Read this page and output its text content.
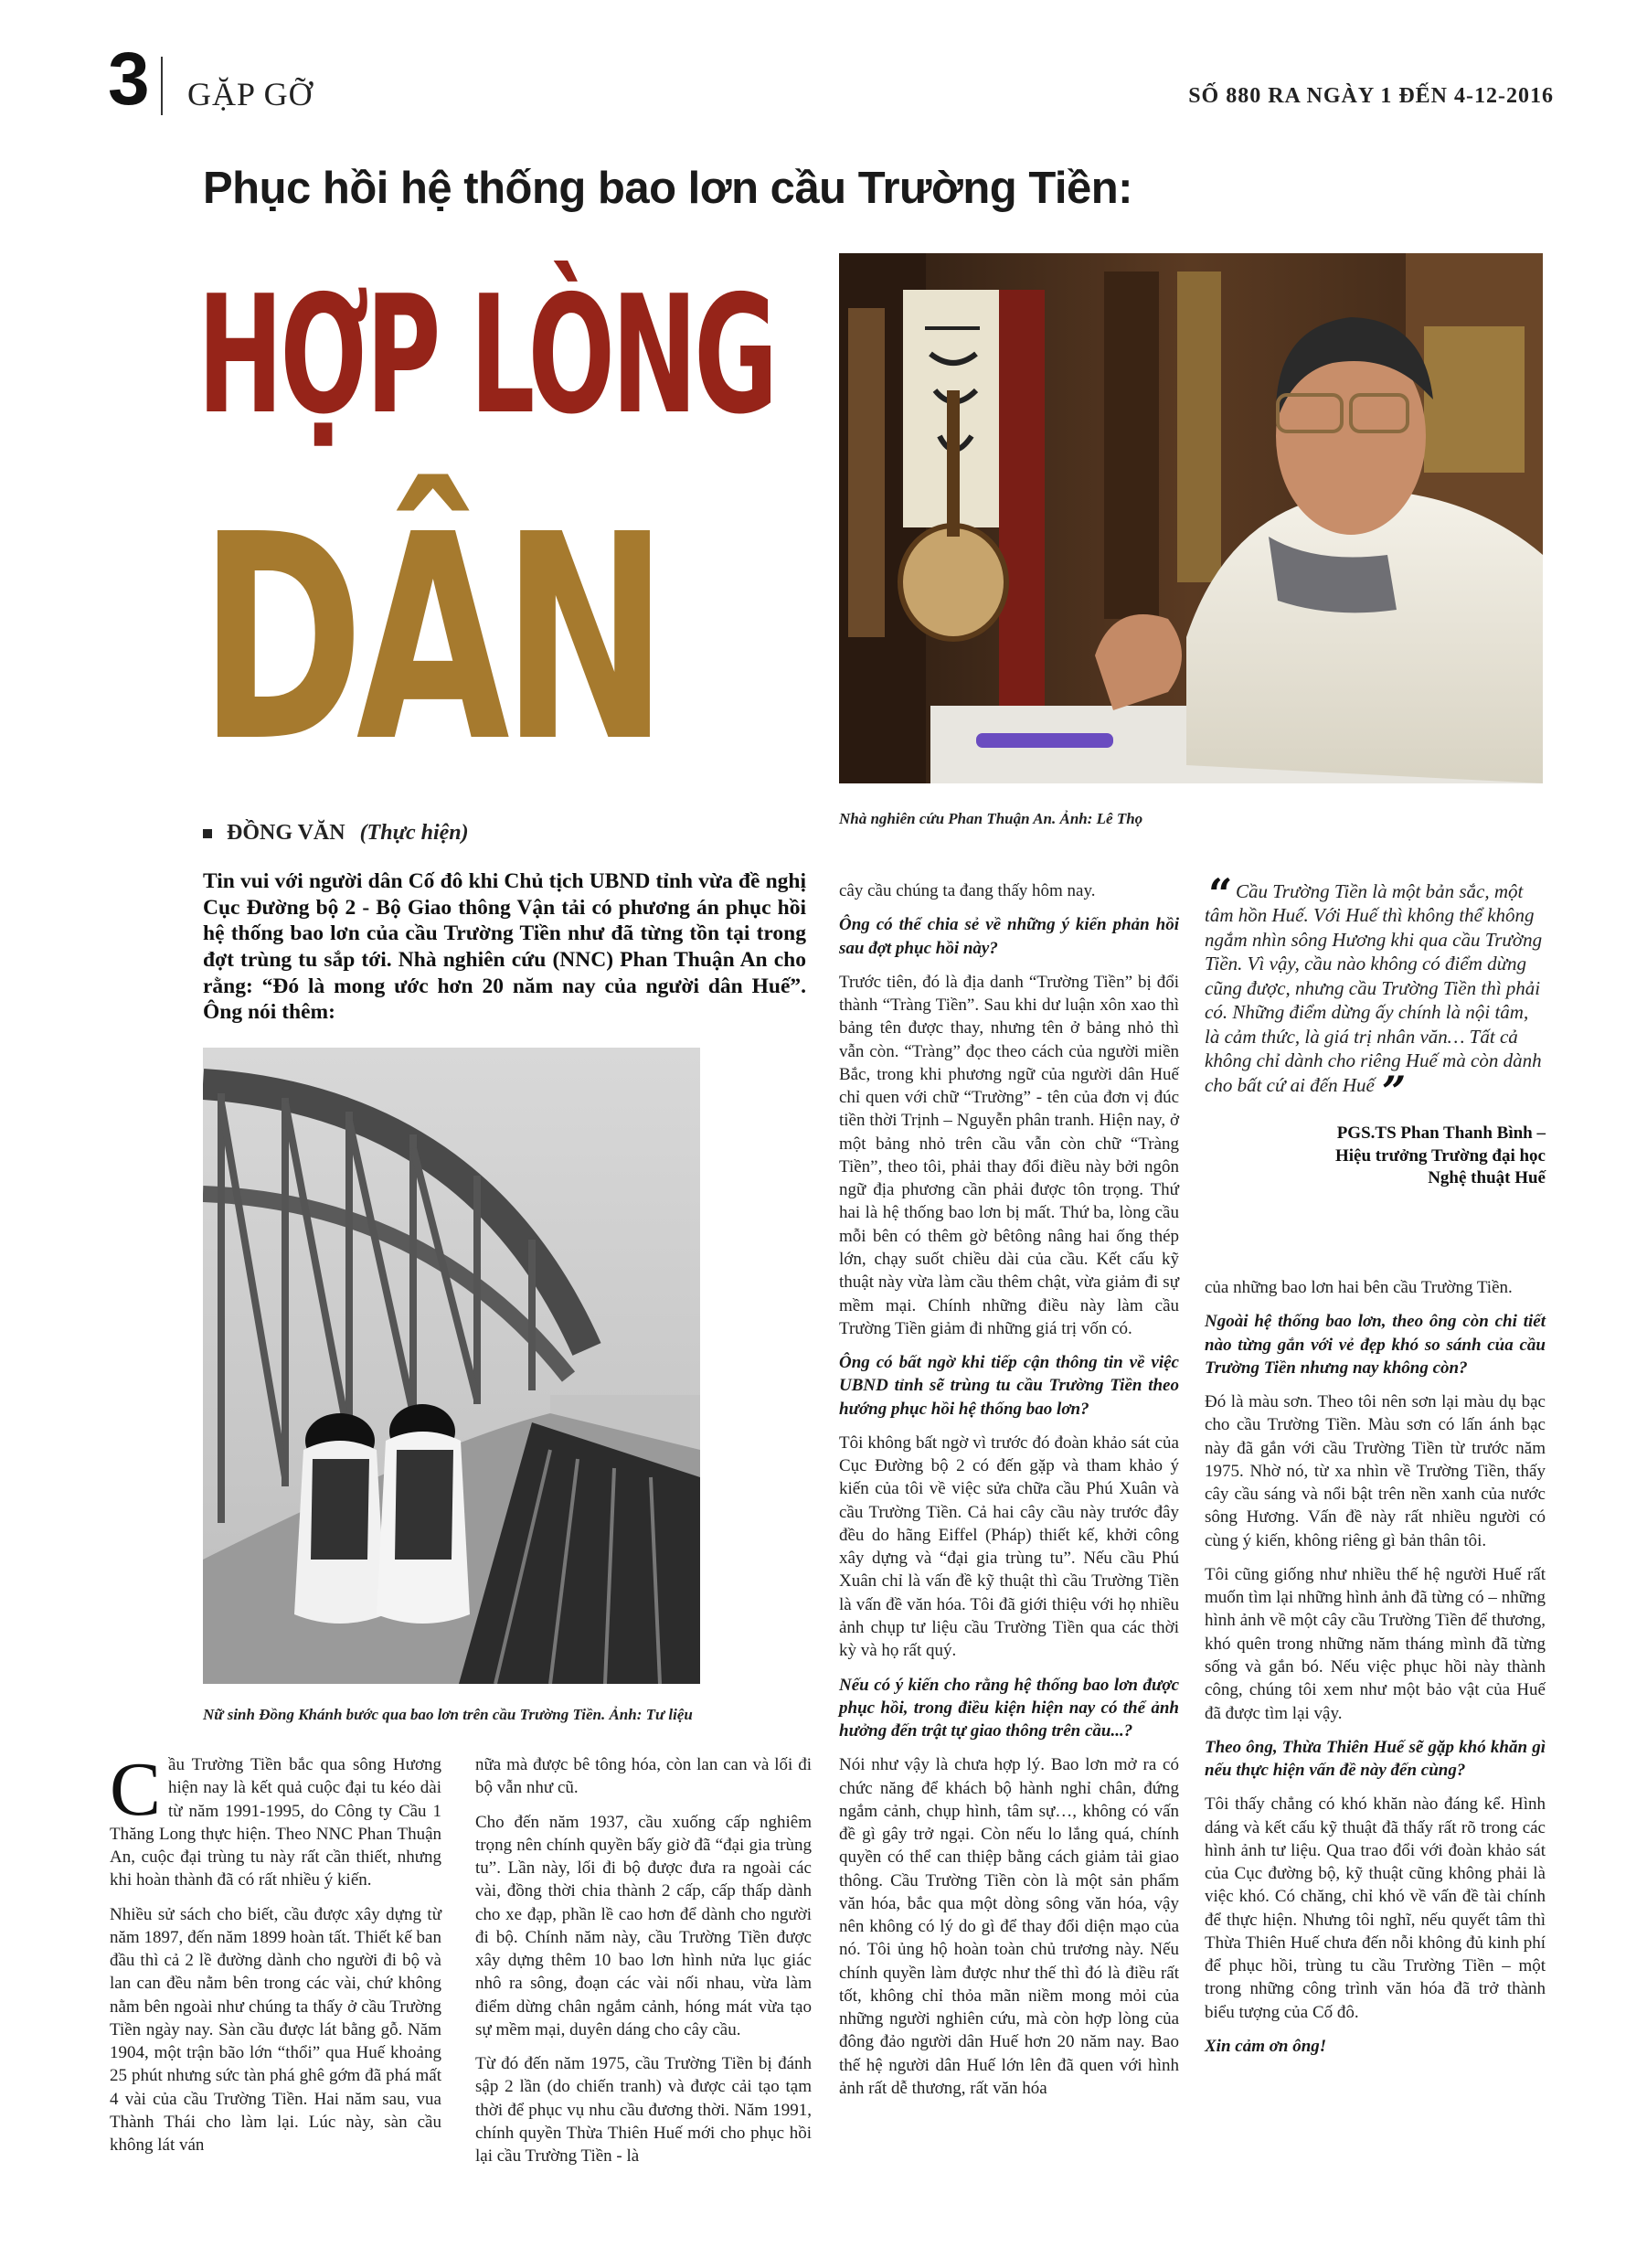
3 GẶP GỠ	SỐ 880 RA NGÀY 1 ĐẾN 4-12-2016
Phục hồi hệ thống bao lơn cầu Trường Tiền:
HỢP LÒNG
DÂN
Nhà nghiên cứu Phan Thuận An. Ảnh: Lê Thọ
ĐỒNG VĂN (Thực hiện)
Tin vui với người dân Cố đô khi Chủ tịch UBND tỉnh vừa đề nghị Cục Đường bộ 2 - Bộ Giao thông Vận tải có phương án phục hồi hệ thống bao lơn của cầu Trường Tiền như đã từng tồn tại trong đợt trùng tu sắp tới. Nhà nghiên cứu (NNC) Phan Thuận An cho rằng: “Đó là mong ước hơn 20 năm nay của người dân Huế”. Ông nói thêm:
Nữ sinh Đồng Khánh bước qua bao lơn trên cầu Trường Tiền. Ảnh: Tư liệu

Cầu Trường Tiền bắc qua sông Hương hiện nay là kết quả cuộc đại tu kéo dài từ năm 1991-1995, do Công ty Cầu 1 Thăng Long thực hiện. Theo NNC Phan Thuận An, cuộc đại trùng tu này rất cần thiết, nhưng khi hoàn thành đã có rất nhiều ý kiến.

Nhiều sử sách cho biết, cầu được xây dựng từ năm 1897, đến năm 1899 hoàn tất. Thiết kế ban đầu thì cả 2 lề đường dành cho người đi bộ và lan can đều nằm bên trong các vài, chứ không nằm bên ngoài như chúng ta thấy ở cầu Trường Tiền ngày nay. Sàn cầu được lát bằng gỗ. Năm 1904, một trận bão lớn “thổi” qua Huế khoảng 25 phút nhưng sức tàn phá ghê gớm đã phá mất 4 vài của cầu Trường Tiền. Hai năm sau, vua Thành Thái cho làm lại. Lúc này, sàn cầu không lát ván

nữa mà được bê tông hóa, còn lan can và lối đi bộ vẫn như cũ.

Cho đến năm 1937, cầu xuống cấp nghiêm trọng nên chính quyền bấy giờ đã “đại gia trùng tu”. Lần này, lối đi bộ được đưa ra ngoài các vài, đồng thời chia thành 2 cấp, cấp thấp dành cho xe đạp, phần lề cao hơn để dành cho người đi bộ. Chính năm này, cầu Trường Tiền được xây dựng thêm 10 bao lơn hình nửa lục giác nhô ra sông, đoạn các vài nối nhau, vừa làm điểm dừng chân ngắm cảnh, hóng mát vừa tạo sự mềm mại, duyên dáng cho cây cầu.

Từ đó đến năm 1975, cầu Trường Tiền bị đánh sập 2 lần (do chiến tranh) và được cải tạo tạm thời để phục vụ nhu cầu đương thời. Năm 1991, chính quyền Thừa Thiên Huế mới cho phục hồi lại cầu Trường Tiền - là

cây cầu chúng ta đang thấy hôm nay.

Ông có thể chia sẻ về những ý kiến phản hồi sau đợt phục hồi này?

Trước tiên, đó là địa danh “Trường Tiền” bị đổi thành “Tràng Tiền”. Sau khi dư luận xôn xao thì bảng tên được thay, nhưng tên ở bảng nhỏ thì vẫn còn. “Tràng” đọc theo cách của người miền Bắc, trong khi phương ngữ của người dân Huế chỉ quen với chữ “Trường” - tên của đơn vị đúc tiền thời Trịnh – Nguyễn phân tranh. Hiện nay, ở một bảng nhỏ trên cầu vẫn còn chữ “Tràng Tiền”, theo tôi, phải thay đổi điều này bởi ngôn ngữ địa phương cần phải được tôn trọng. Thứ hai là hệ thống bao lơn bị mất. Thứ ba, lòng cầu mỗi bên có thêm gờ bêtông nâng hai ống thép lớn, chạy suốt chiều dài của cầu. Kết cấu kỹ thuật này vừa làm cầu thêm chật, vừa giảm đi sự mềm mại. Chính những điều này làm cầu Trường Tiền giảm đi những giá trị vốn có.

Ông có bất ngờ khi tiếp cận thông tin về việc UBND tỉnh sẽ trùng tu cầu Trường Tiền theo hướng phục hồi hệ thống bao lơn?

Tôi không bất ngờ vì trước đó đoàn khảo sát của Cục Đường bộ 2 có đến gặp và tham khảo ý kiến của tôi về việc sửa chữa cầu Phú Xuân và cầu Trường Tiền. Cả hai cây cầu này trước đây đều do hãng Eiffel (Pháp) thiết kế, khởi công xây dựng và “đại gia trùng tu”. Nếu cầu Phú Xuân chỉ là vấn đề kỹ thuật thì cầu Trường Tiền là vấn đề văn hóa. Tôi đã giới thiệu với họ nhiều ảnh chụp tư liệu cầu Trường Tiền qua các thời kỳ và họ rất quý.

Nếu có ý kiến cho rằng hệ thống bao lơn được phục hồi, trong điều kiện hiện nay có thể ảnh hưởng đến trật tự giao thông trên cầu...?

Nói như vậy là chưa hợp lý. Bao lơn mở ra có chức năng để khách bộ hành nghỉ chân, đứng ngắm cảnh, chụp hình, tâm sự…, không có vấn đề gì gây trở ngại. Còn nếu lo lắng quá, chính quyền có thể can thiệp bằng cách giảm tải giao thông. Cầu Trường Tiền còn là một sản phẩm văn hóa, bắc qua một dòng sông văn hóa, vậy nên không có lý do gì để thay đổi diện mạo của nó. Tôi ủng hộ hoàn toàn chủ trương này. Nếu chính quyền làm được như thế thì đó là điều rất tốt, không chỉ thỏa mãn niềm mong mỏi của những người nghiên cứu, mà còn hợp lòng của đông đảo người dân Huế hơn 20 năm nay. Bao thế hệ người dân Huế lớn lên đã quen với hình ảnh rất dễ thương, rất văn hóa

“ Cầu Trường Tiền là một bản sắc, một tâm hồn Huế. Với Huế thì không thể không ngắm nhìn sông Hương khi qua cầu Trường Tiền. Vì vậy, cầu nào không có điểm dừng cũng được, nhưng cầu Trường Tiền thì phải có. Những điểm dừng ấy chính là nội tâm, là cảm thức, là giá trị nhân văn… Tất cả không chỉ dành cho riêng Huế mà còn dành cho bất cứ ai đến Huế ”

PGS.TS Phan Thanh Bình –
Hiệu trưởng Trường đại học
Nghệ thuật Huế

của những bao lơn hai bên cầu Trường Tiền.

Ngoài hệ thống bao lơn, theo ông còn chi tiết nào từng gắn với vẻ đẹp khó so sánh của cầu Trường Tiền nhưng nay không còn?

Đó là màu sơn. Theo tôi nên sơn lại màu dụ bạc cho cầu Trường Tiền. Màu sơn có lấn ánh bạc này đã gắn với cầu Trường Tiền từ trước năm 1975. Nhờ nó, từ xa nhìn về Trường Tiền, thấy cây cầu sáng và nổi bật trên nền xanh của nước sông Hương. Vấn đề này rất nhiều người có cùng ý kiến, không riêng gì bản thân tôi.

Tôi cũng giống như nhiều thế hệ người Huế rất muốn tìm lại những hình ảnh đã từng có – những hình ảnh về một cây cầu Trường Tiền để thương, khó quên trong những năm tháng mình đã từng sống và gắn bó. Nếu việc phục hồi này thành công, chúng tôi xem như một bảo vật của Huế đã được tìm lại vậy.

Theo ông, Thừa Thiên Huế sẽ gặp khó khăn gì nếu thực hiện vấn đề này đến cùng?

Tôi thấy chẳng có khó khăn nào đáng kể. Hình dáng và kết cấu kỹ thuật đã thấy rất rõ trong các hình ảnh tư liệu. Qua trao đổi với đoàn khảo sát của Cục đường bộ, kỹ thuật cũng không phải là việc khó. Có chăng, chỉ khó về vấn đề tài chính để thực hiện. Nhưng tôi nghĩ, nếu quyết tâm thì Thừa Thiên Huế chưa đến nỗi không đủ kinh phí để phục hồi, trùng tu cầu Trường Tiền – một trong những công trình văn hóa đã trở thành biểu tượng của Cố đô.

Xin cảm ơn ông!
